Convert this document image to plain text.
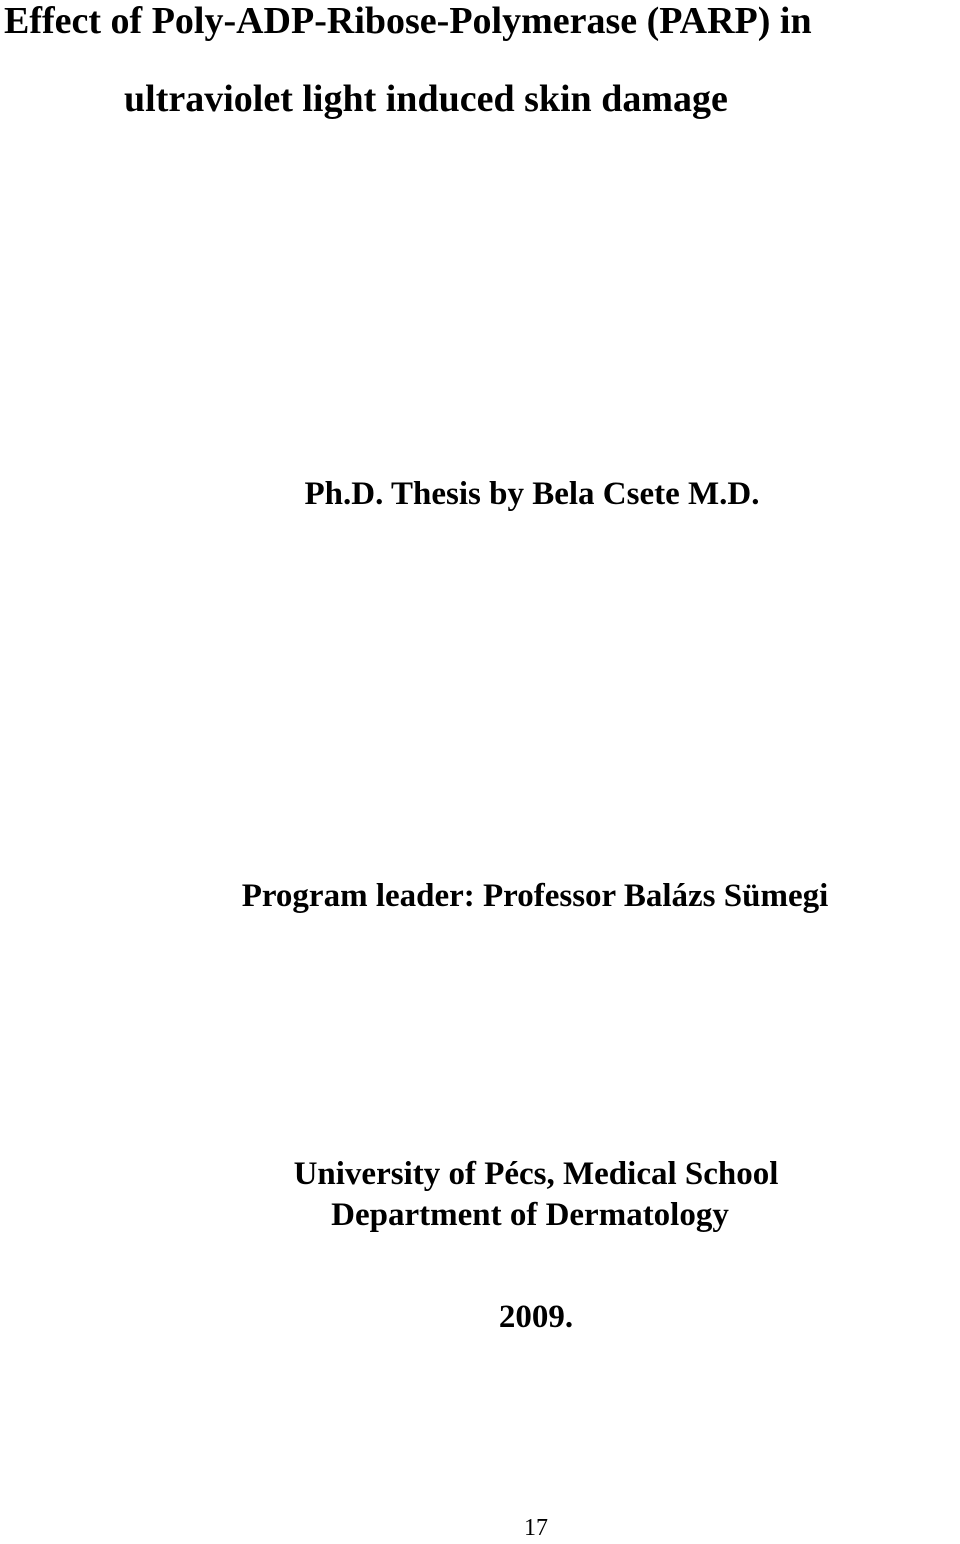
Effect of Poly-ADP-Ribose-Polymerase (PARP) in
ultraviolet light induced skin damage

Ph.D. Thesis by Bela Csete M.D.

Program leader: Professor Balázs Sümegi

University of Pécs, Medical School

Department of Dermatology

2009.

17
